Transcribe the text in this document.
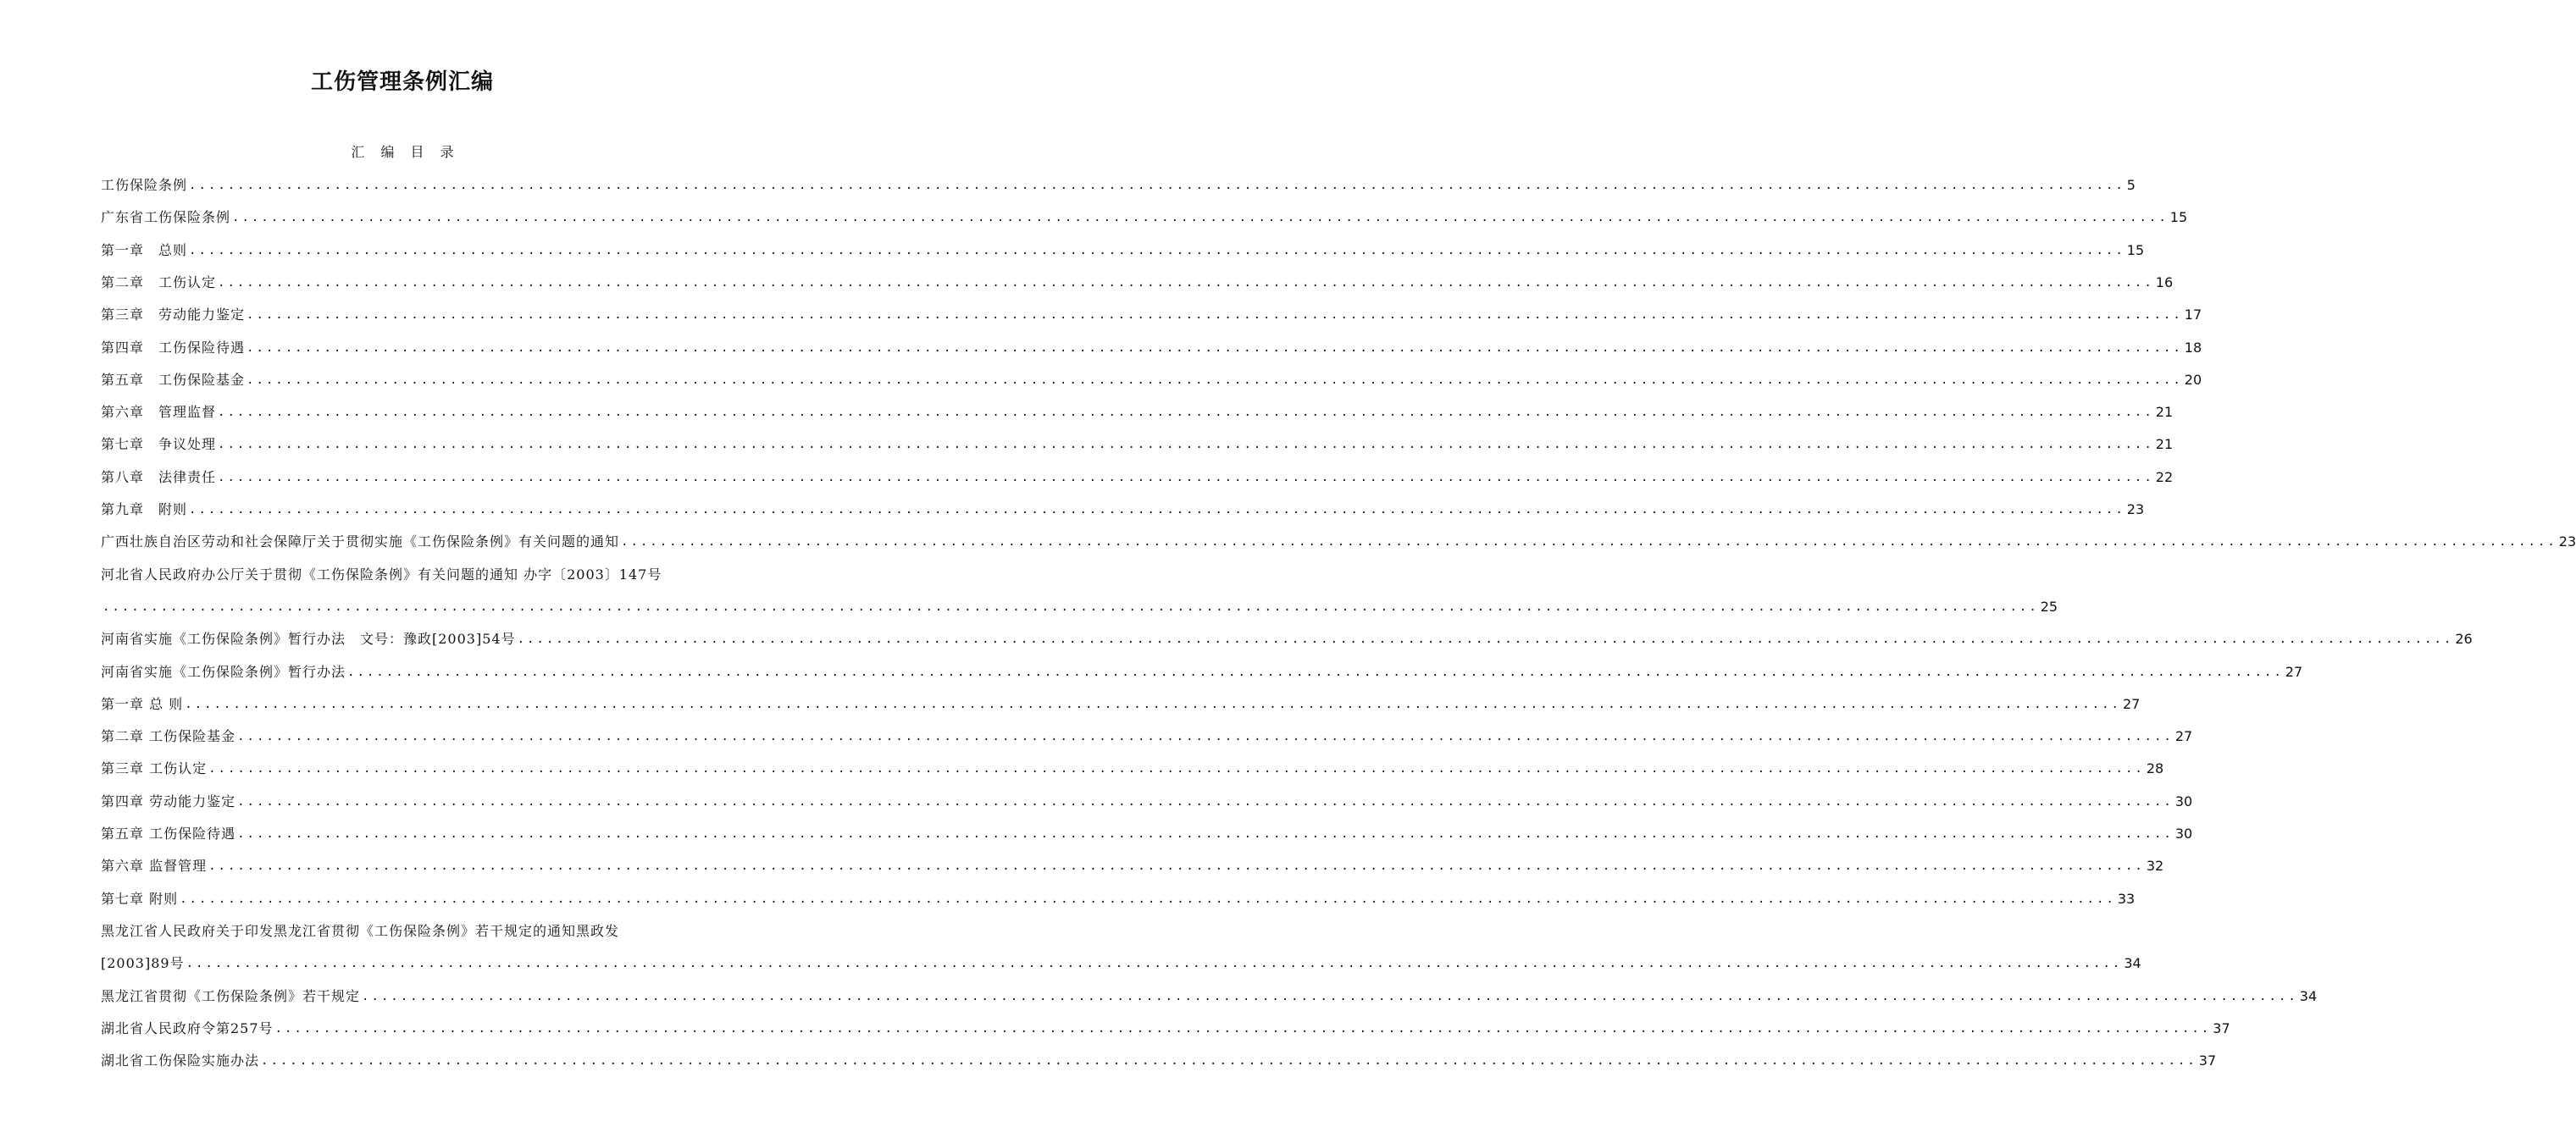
工伤管理条例汇编
汇 编 目 录
工伤保险条例 ........................................................................................................................................................................................................ 5
广东省工伤保险条例 ........................................................................................................................................................................................................ 15
第一章　总则 ........................................................................................................................................................................................................ 15
第二章　工伤认定 ........................................................................................................................................................................................................ 16
第三章　劳动能力鉴定 ........................................................................................................................................................................................................ 17
第四章　工伤保险待遇 ........................................................................................................................................................................................................ 18
第五章　工伤保险基金 ........................................................................................................................................................................................................ 20
第六章　管理监督 ........................................................................................................................................................................................................ 21
第七章　争议处理 ........................................................................................................................................................................................................ 21
第八章　法律责任 ........................................................................................................................................................................................................ 22
第九章　附则 ........................................................................................................................................................................................................ 23
广西壮族自治区劳动和社会保障厅关于贯彻实施《工伤保险条例》有关问题的通知 ........................................................................................................................................................................................................ 23
河北省人民政府办公厅关于贯彻《工伤保险条例》有关问题的通知 办字〔2003〕147号
........................................................................................................................................................................................................ 25
河南省实施《工伤保险条例》暂行办法　文号：豫政[2003]54号 ........................................................................................................................................................................................................ 26
河南省实施《工伤保险条例》暂行办法 ........................................................................................................................................................................................................ 27
第一章 总 则 ........................................................................................................................................................................................................ 27
第二章 工伤保险基金 ........................................................................................................................................................................................................ 27
第三章 工伤认定 ........................................................................................................................................................................................................ 28
第四章 劳动能力鉴定 ........................................................................................................................................................................................................ 30
第五章 工伤保险待遇 ........................................................................................................................................................................................................ 30
第六章 监督管理 ........................................................................................................................................................................................................ 32
第七章 附则 ........................................................................................................................................................................................................ 33
黑龙江省人民政府关于印发黑龙江省贯彻《工伤保险条例》若干规定的通知黑政发
[2003]89号 ........................................................................................................................................................................................................ 34
黑龙江省贯彻《工伤保险条例》若干规定 ........................................................................................................................................................................................................ 34
湖北省人民政府令第257号 ........................................................................................................................................................................................................ 37
湖北省工伤保险实施办法 ........................................................................................................................................................................................................ 37
